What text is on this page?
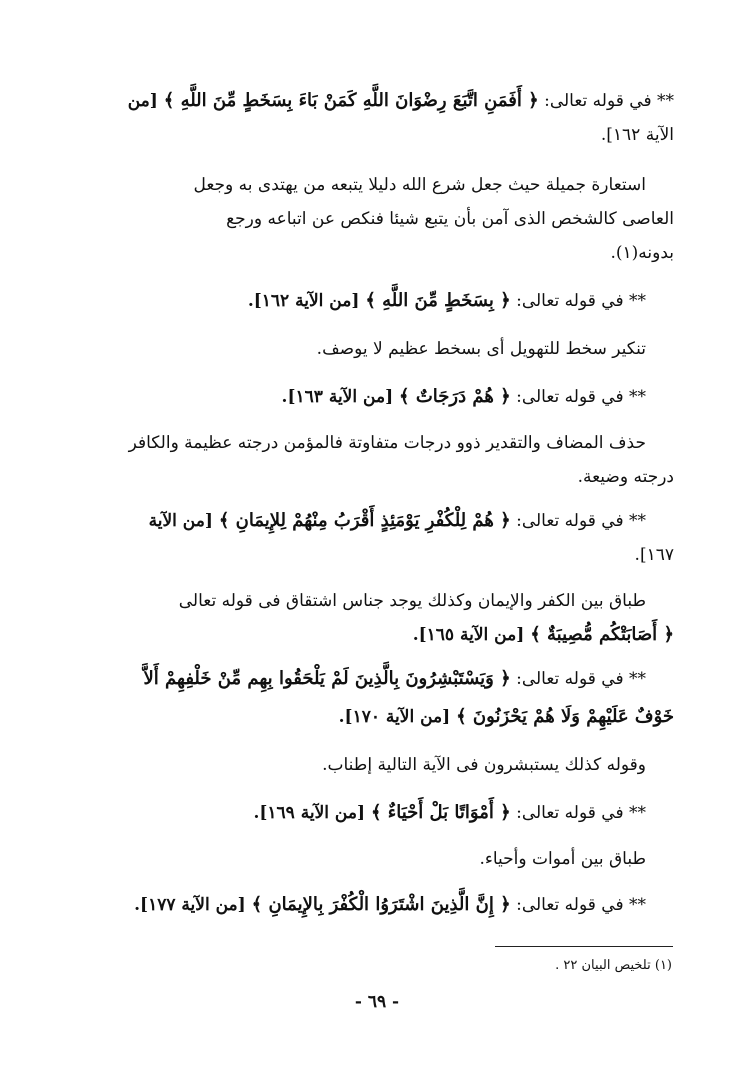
** في قوله تعالى: ﴿ أَفَمَنِ اتَّبَعَ رِضْوَانَ اللَّهِ كَمَنْ بَاءَ بِسَخَطٍ مِّنَ اللَّهِ ﴾ [من
الآية ١٦٢].
استعارة جميلة حيث جعل شرع الله دليلا يتبعه من يهتدى به وجعل
العاصى كالشخص الذى آمن بأن يتبع شيئا فنكص عن اتباعه ورجع
بدونه(١).
** في قوله تعالى: ﴿ بِسَخَطٍ مِّنَ اللَّهِ ﴾ [من الآية ١٦٢].
تنكير سخط للتهويل أى بسخط عظيم لا يوصف.
** في قوله تعالى: ﴿ هُمْ دَرَجَاتٌ ﴾ [من الآية ١٦٣].
حذف المضاف والتقدير ذوو درجات متفاوتة فالمؤمن درجته عظيمة والكافر
درجته وضيعة.
** في قوله تعالى: ﴿ هُمْ لِلْكُفْرِ يَوْمَئِذٍ أَقْرَبُ مِنْهُمْ لِلإِيمَانِ ﴾ [من الآية
١٦٧].
طباق بين الكفر والإيمان وكذلك يوجد جناس اشتقاق فى قوله تعالى
﴿ أَصَابَتْكُم مُّصِيبَةٌ ﴾ [من الآية ١٦٥].
** في قوله تعالى: ﴿ وَيَسْتَبْشِرُونَ بِالَّذِينَ لَمْ يَلْحَقُوا بِهِم مِّنْ خَلْفِهِمْ أَلاَّ
خَوْفٌ عَلَيْهِمْ وَلَا هُمْ يَحْزَنُونَ ﴾ [من الآية ١٧٠].
وقوله كذلك يستبشرون فى الآية التالية إطناب.
** في قوله تعالى: ﴿ أَمْوَاتًا بَلْ أَحْيَاءٌ ﴾ [من الآية ١٦٩].
طباق بين أموات وأحياء.
** في قوله تعالى: ﴿ إِنَّ الَّذِينَ اشْتَرَوُا الْكُفْرَ بِالإِيمَانِ ﴾ [من الآية ١٧٧].
(١) تلخيص البيان ٢٢ .
- ٦٩ -
